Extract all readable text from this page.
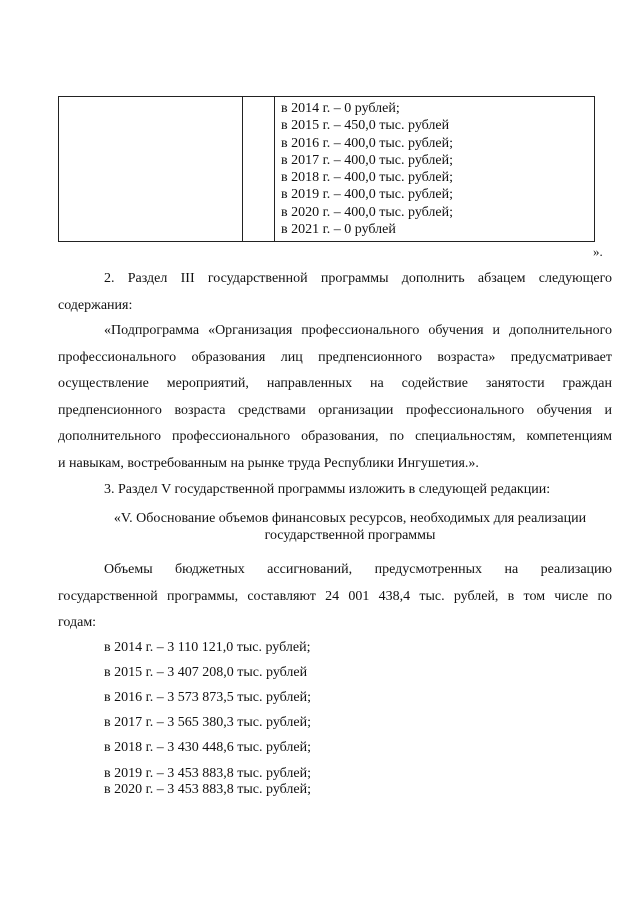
в 2014 г. – 0 рублей;
в 2015 г. – 450,0 тыс. рублей
в 2016 г. – 400,0 тыс. рублей;
в 2017 г. – 400,0 тыс. рублей;
в 2018 г. – 400,0 тыс. рублей;
в 2019 г. – 400,0 тыс. рублей;
в 2020 г. – 400,0 тыс. рублей;
в 2021 г. – 0 рублей
».

2. Раздел III государственной программы дополнить абзацем следующего

содержания:

«Подпрограмма «Организация профессионального обучения и дополнительного

профессионального образования лиц предпенсионного возраста» предусматривает

осуществление мероприятий, направленных на содействие занятости граждан

предпенсионного возраста средствами организации профессионального обучения и

дополнительного профессионального образования, по специальностям, компетенциям

и навыкам, востребованным на рынке труда Республики Ингушетия.».

3. Раздел V государственной программы изложить в следующей редакции:

«V. Обоснование объемов финансовых ресурсов, необходимых для реализации
государственной программы

Объемы бюджетных ассигнований, предусмотренных на реализацию

государственной программы, составляют 24 001 438,4 тыс. рублей, в том числе по

годам:

в 2014 г. – 3 110 121,0 тыс. рублей;
в 2015 г. – 3 407 208,0 тыс. рублей
в 2016 г. – 3 573 873,5 тыс. рублей;
в 2017 г. – 3 565 380,3 тыс. рублей;
в 2018 г. – 3 430 448,6 тыс. рублей;
в 2019 г. – 3 453 883,8 тыс. рублей;
в 2020 г. – 3 453 883,8 тыс. рублей;
